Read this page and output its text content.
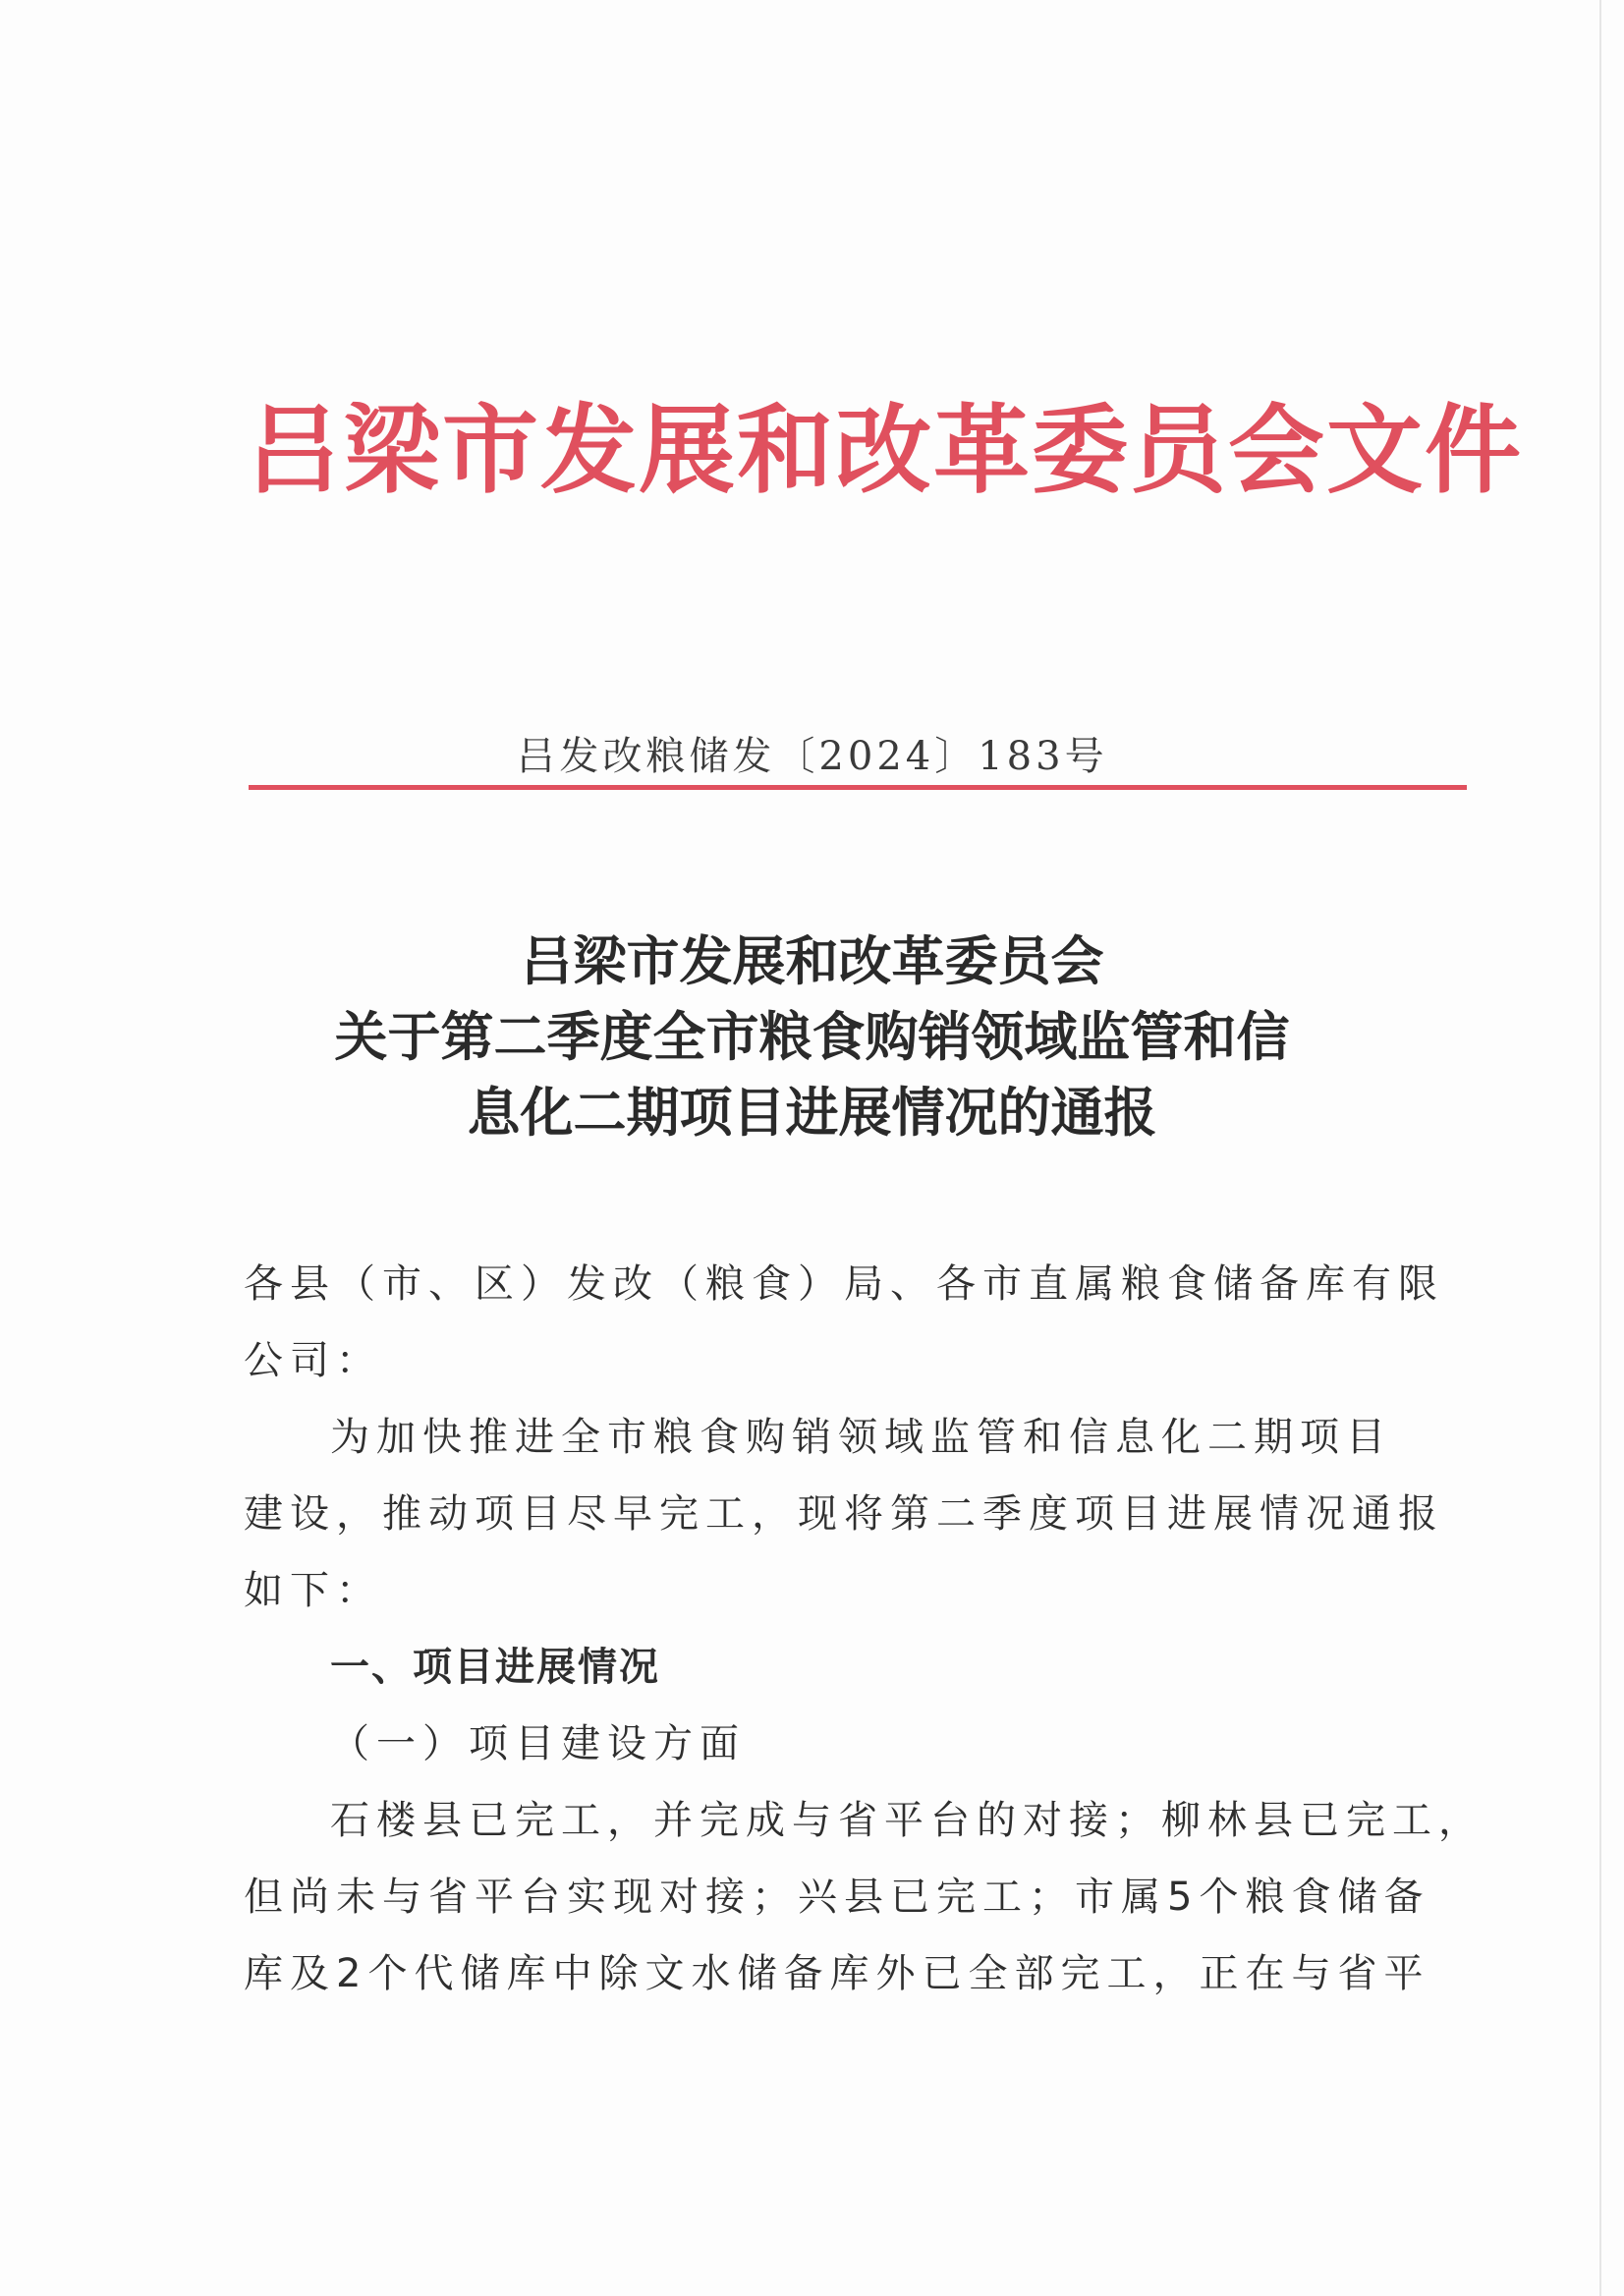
吕梁市发展和改革委员会文件
吕发改粮储发〔2024〕183号
吕梁市发展和改革委员会
关于第二季度全市粮食购销领域监管和信
息化二期项目进展情况的通报
各县（市、区）发改（粮食）局、各市直属粮食储备库有限
公司：
为加快推进全市粮食购销领域监管和信息化二期项目
建设，推动项目尽早完工，现将第二季度项目进展情况通报
如下：
一、项目进展情况
（一）项目建设方面
石楼县已完工，并完成与省平台的对接；柳林县已完工，
但尚未与省平台实现对接；兴县已完工；市属5个粮食储备
库及2个代储库中除文水储备库外已全部完工，正在与省平
